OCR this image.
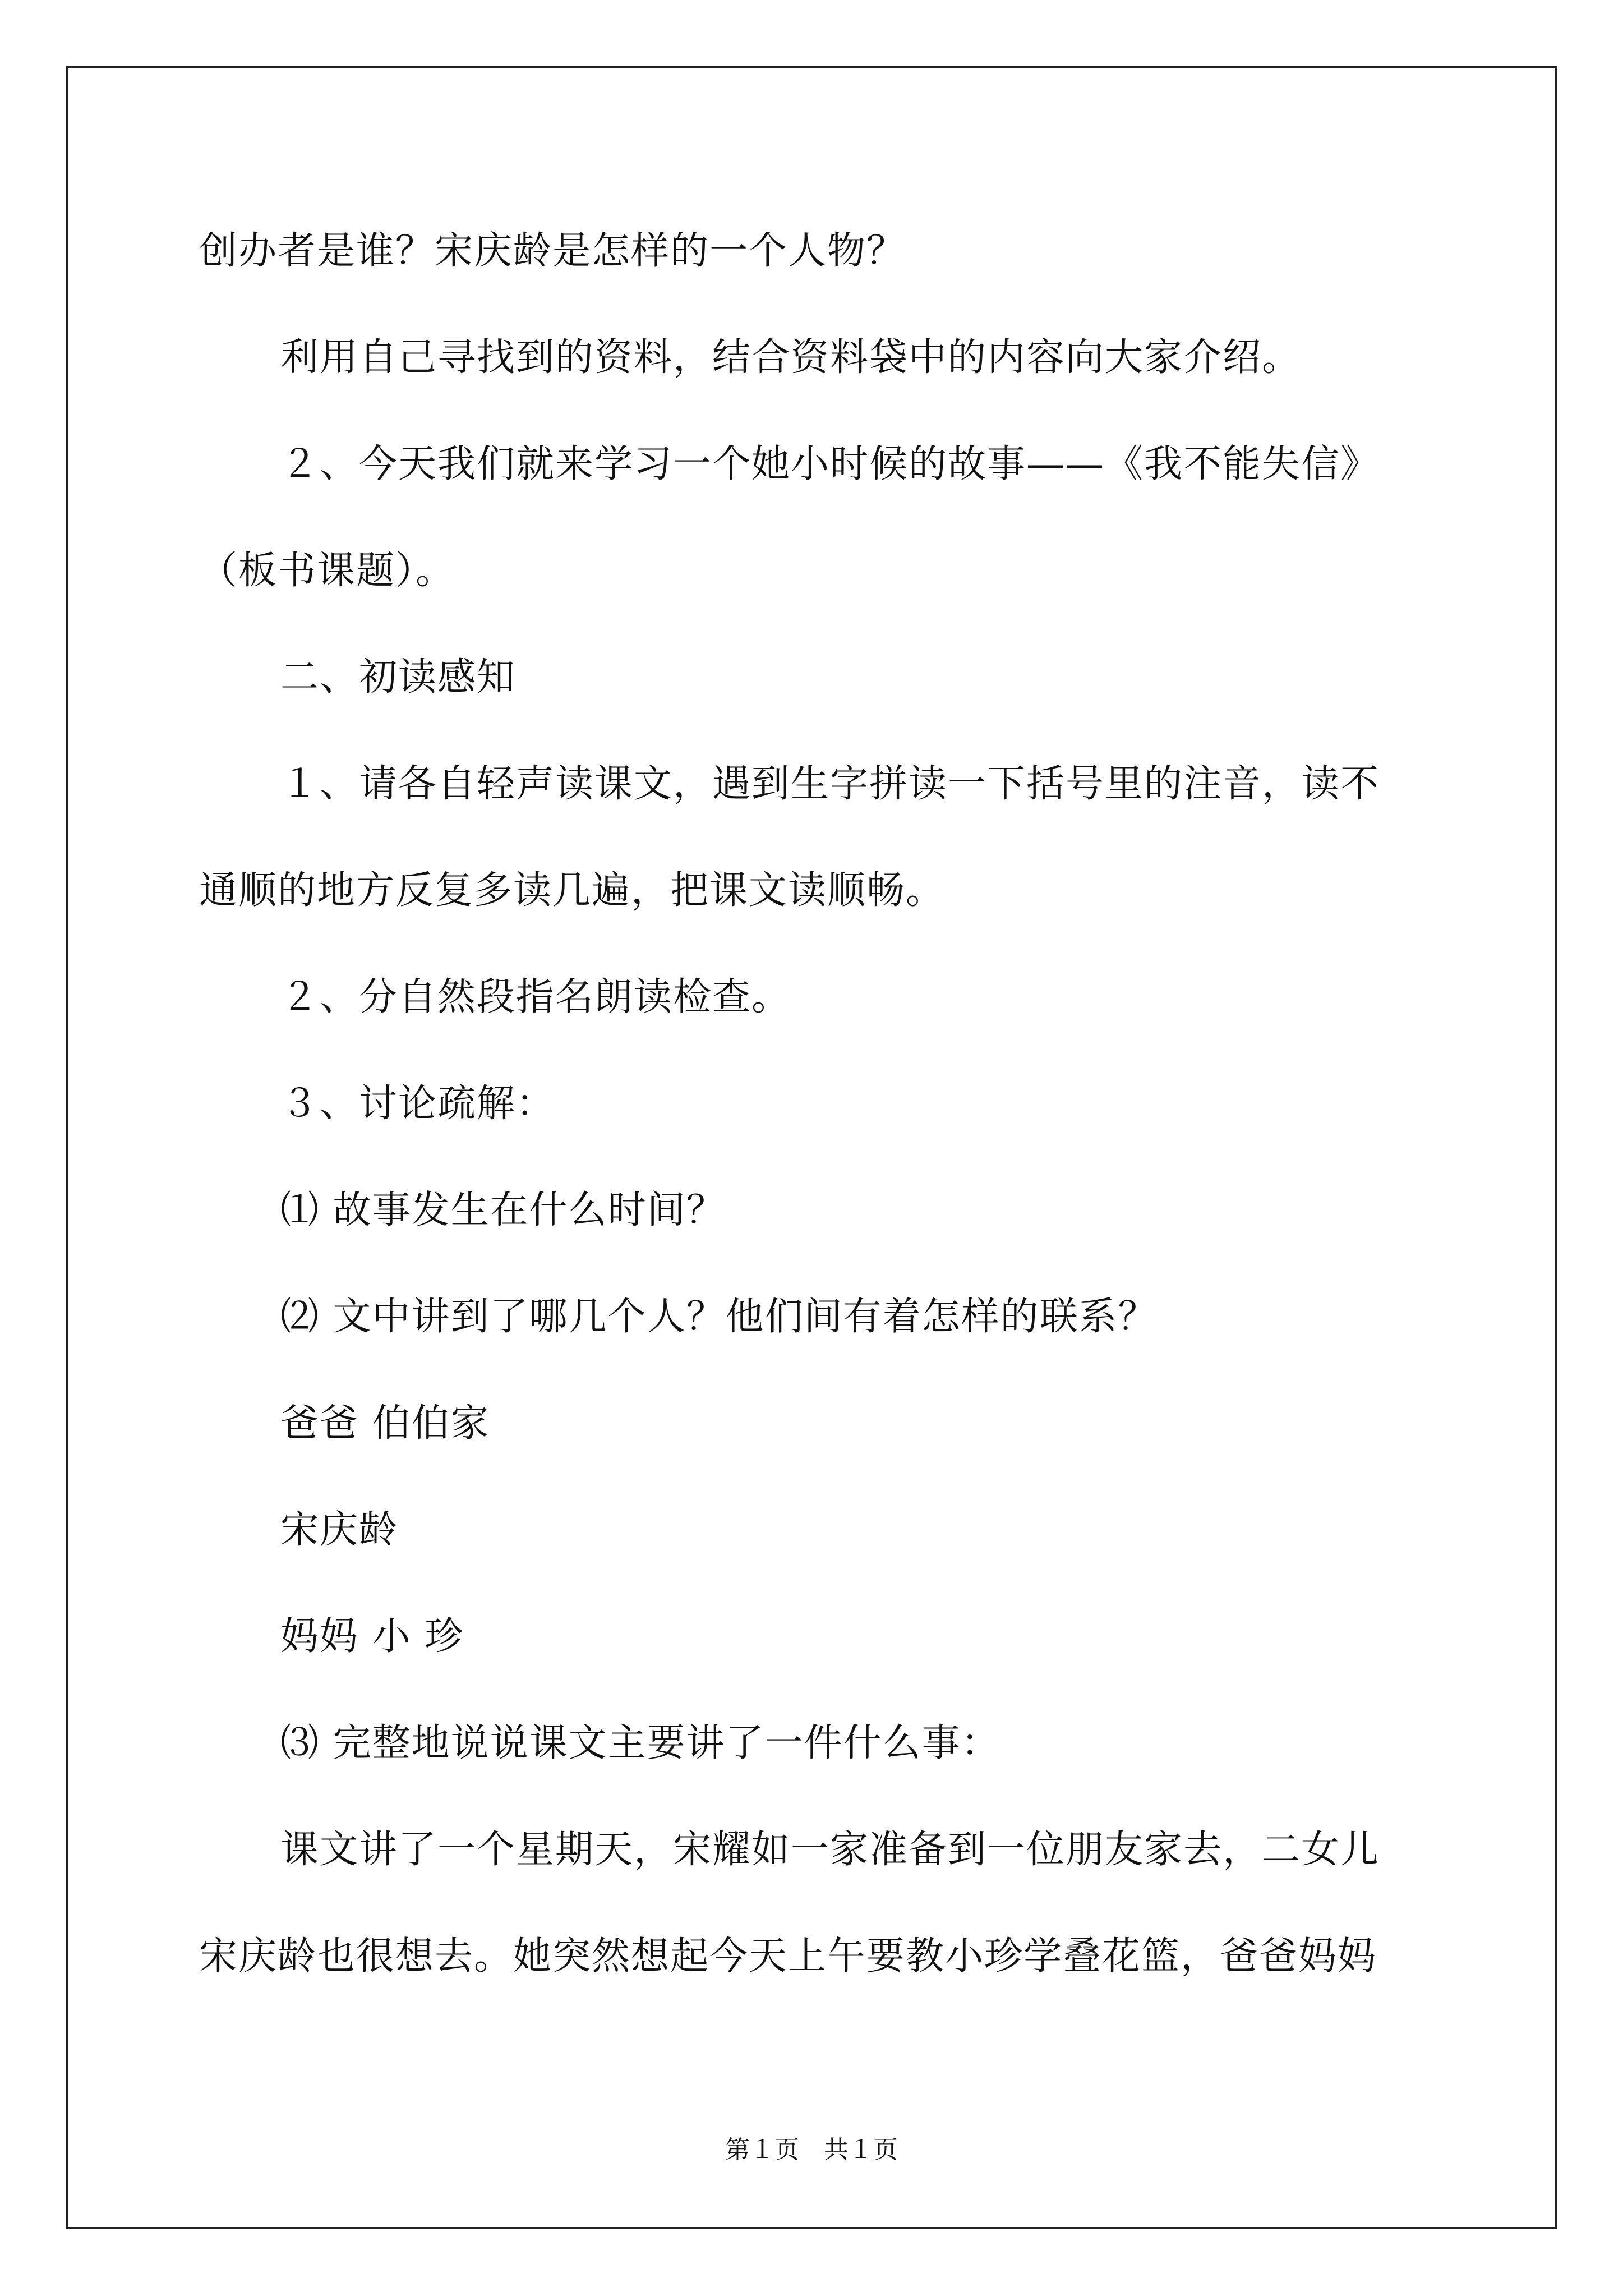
创办者是谁？宋庆龄是怎样的一个人物？
利用自己寻找到的资料，结合资料袋中的内容向大家介绍。
２、今天我们就来学习一个她小时候的故事——《我不能失信》
（板书课题）。
二、初读感知
１、请各自轻声读课文，遇到生字拼读一下括号里的注音，读不
通顺的地方反复多读几遍，把课文读顺畅。
２、分自然段指名朗读检查。
３、讨论疏解：
⑴ 故事发生在什么时间？
⑵ 文中讲到了哪几个人？他们间有着怎样的联系？
爸爸 伯伯家
宋庆龄
妈妈 小 珍
⑶ 完整地说说课文主要讲了一件什么事：
课文讲了一个星期天，宋耀如一家准备到一位朋友家去，二女儿
宋庆龄也很想去。她突然想起今天上午要教小珍学叠花篮，爸爸妈妈
第１页 共１页
